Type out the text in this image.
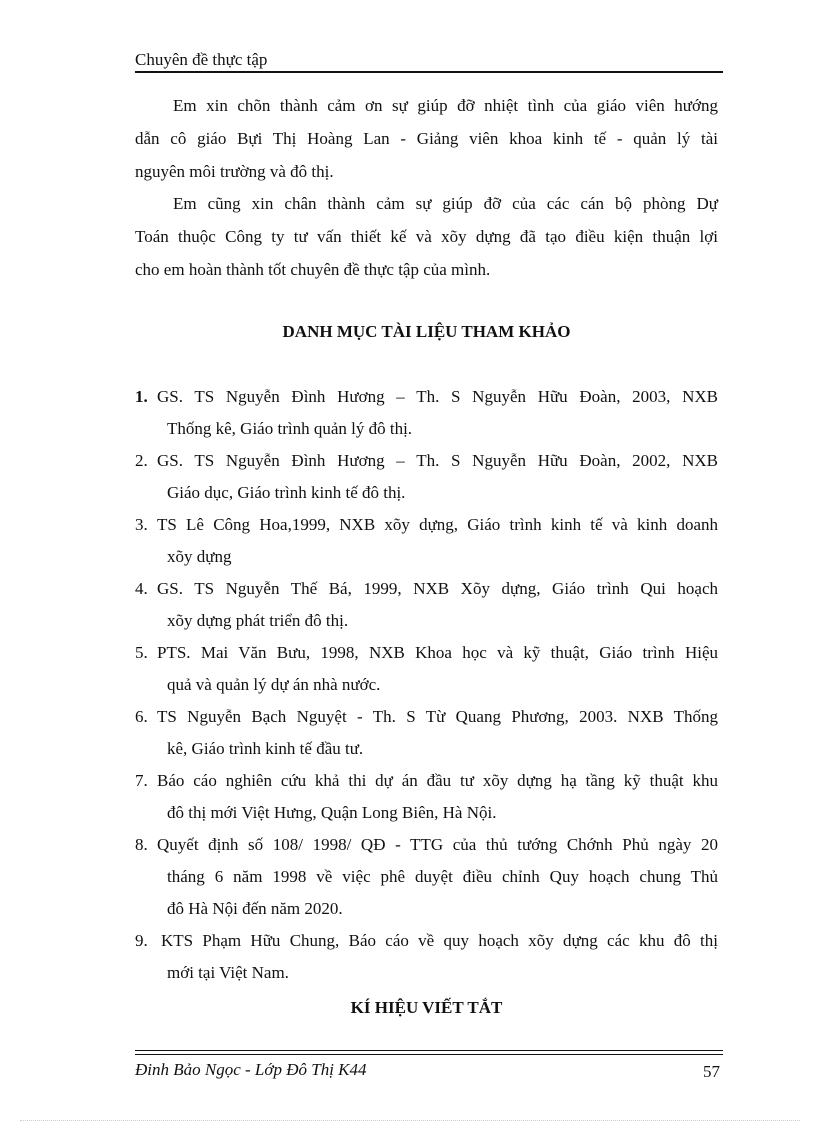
Chuyên đề thực tập
Em xin chõn thành cảm ơn sự giúp đỡ nhiệt tình của giáo viên hướng
dẫn cô giáo Bựi Thị Hoàng Lan - Giảng viên khoa kinh tế - quản lý tài
nguyên môi trường và đô thị.
Em cũng xin chân thành cảm sự giúp đỡ của các cán bộ phòng Dự
Toán thuộc Công ty tư vấn thiết kế và xõy dựng đã tạo điều kiện thuận lợi
cho em hoàn thành tốt chuyên đề thực tập của mình.
DANH MỤC TÀI LIỆU THAM KHẢO
1. GS. TS Nguyễn Đình Hương – Th. S Nguyễn Hữu Đoàn, 2003, NXB
Thống kê, Giáo trình quản lý đô thị.
2. GS. TS Nguyễn Đình Hương – Th. S Nguyễn Hữu Đoàn, 2002, NXB
Giáo dục, Giáo trình kinh tế đô thị.
3. TS Lê Công Hoa,1999, NXB xõy dựng, Giáo trình kinh tế và kinh doanh
xõy dựng
4. GS. TS Nguyễn Thế Bá, 1999, NXB Xõy dựng, Giáo trình Qui hoạch
xõy dựng phát triển đô thị.
5. PTS. Mai Văn Bưu, 1998, NXB Khoa học và kỹ thuật, Giáo trình Hiệu
quả và quản lý dự án nhà nước.
6. TS Nguyễn Bạch Nguyệt - Th. S Từ Quang Phương, 2003. NXB Thống
kê, Giáo trình kinh tế đầu tư.
7. Báo cáo nghiên cứu khả thi dự án đầu tư xõy dựng hạ tầng kỹ thuật khu
đô thị mới Việt Hưng, Quận Long Biên, Hà Nội.
8. Quyết định số 108/ 1998/ QĐ - TTG của thủ tướng Chớnh Phủ ngày 20
tháng 6 năm 1998 về việc phê duyệt điều chỉnh Quy hoạch chung Thủ
đô Hà Nội đến năm 2020.
9. KTS Phạm Hữu Chung, Báo cáo về quy hoạch xõy dựng các khu đô thị
mới tại Việt Nam.
KÍ HIỆU VIẾT TẮT
Đinh Bảo Ngọc - Lớp Đô Thị K44	57
